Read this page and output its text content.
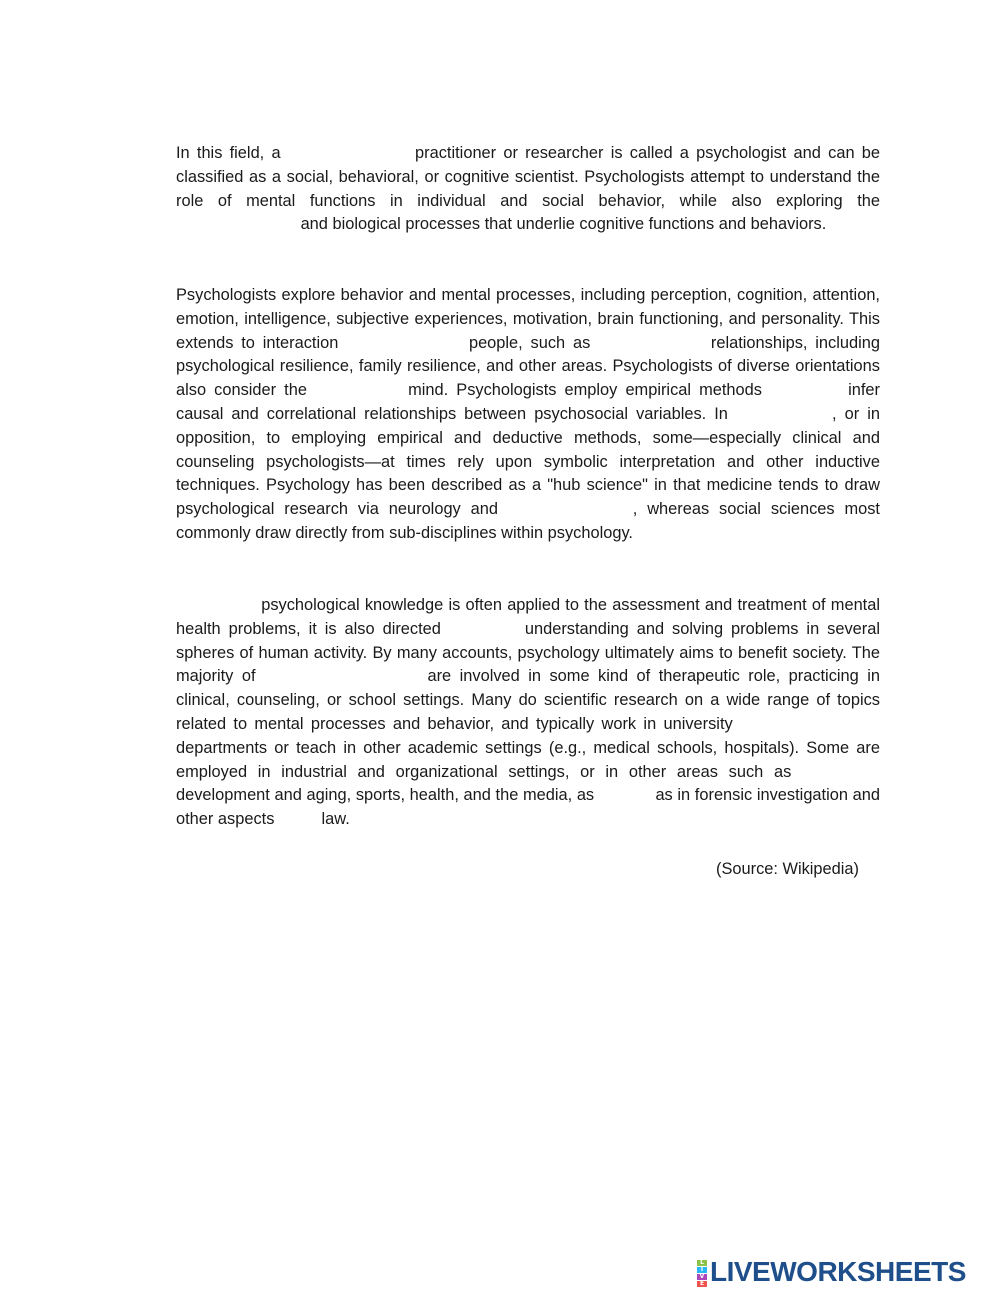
In this field, a	practitioner or researcher is called a psychologist and can be classified as a social, behavioral, or cognitive scientist. Psychologists attempt to understand the role of mental functions in individual and social behavior, while also exploring the  and biological processes that underlie cognitive functions and behaviors.

Psychologists explore behavior and mental processes, including perception, cognition, attention, emotion, intelligence, subjective experiences, motivation, brain functioning, and personality. This extends to interaction	people, such as	relationships, including psychological resilience, family resilience, and other areas. Psychologists of diverse orientations also consider the	mind. Psychologists employ empirical methods	infer causal and correlational relationships between psychosocial variables. In	, or in opposition, to employing empirical and deductive methods, some—especially clinical and counseling psychologists—at times rely upon symbolic interpretation and other inductive techniques. Psychology has been described as a "hub science" in that medicine tends to draw psychological research via neurology and	, whereas social sciences most commonly draw directly from sub-disciplines within psychology.

psychological knowledge is often applied to the assessment and treatment of mental health problems, it is also directed	understanding and solving problems in several spheres of human activity. By many accounts, psychology ultimately aims to benefit society. The majority of	are involved in some kind of therapeutic role, practicing in clinical, counseling, or school settings. Many do scientific research on a wide range of topics related to mental processes and behavior, and typically work in university  departments or teach in other academic settings (e.g., medical schools, hospitals). Some are employed in industrial and organizational settings, or in other areas such as  development and aging, sports, health, and the media, as	as in forensic investigation and other aspects	law.

(Source: Wikipedia)
L
I
V
E LIVEWORKSHEETS
